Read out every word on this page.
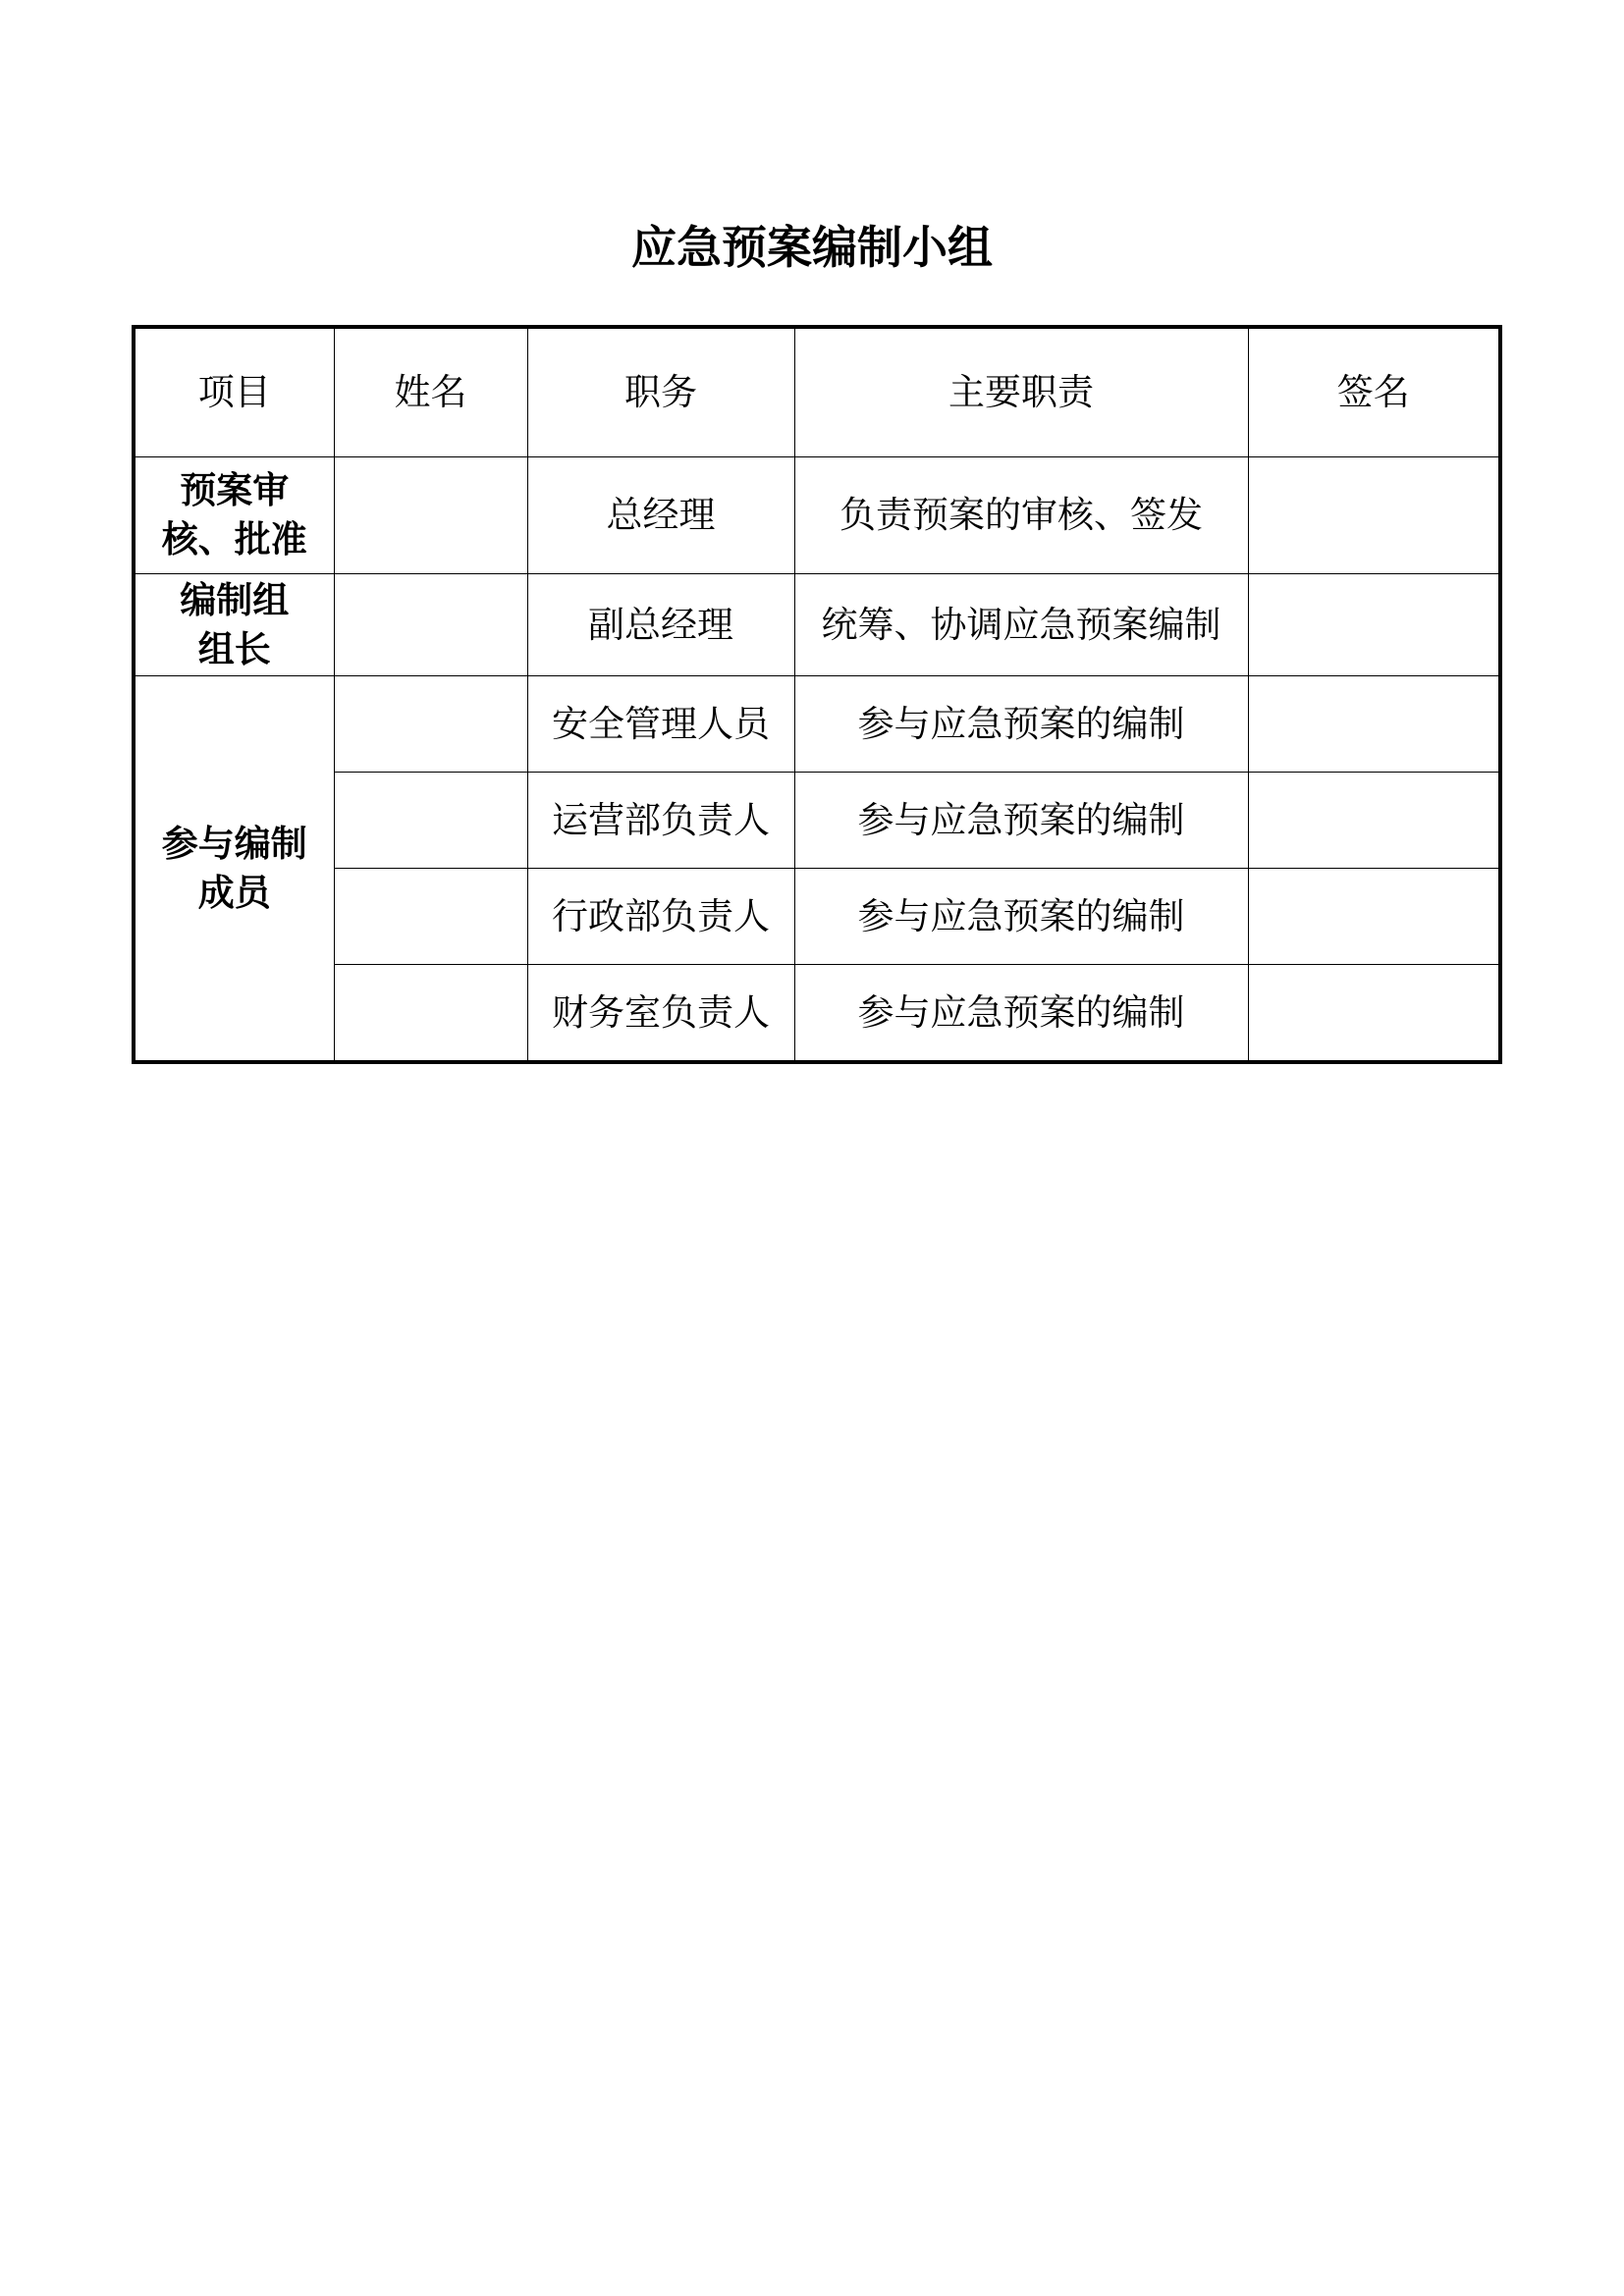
应急预案编制小组
项目	姓名	职务	主要职责	签名

预案审
核、批准		总经理	负责预案的审核、签发	

编制组
组长		副总经理	统筹、协调应急预案编制	

参与编制
成员		安全管理人员	参与应急预案的编制	
		运营部负责人	参与应急预案的编制	
		行政部负责人	参与应急预案的编制	
		财务室负责人	参与应急预案的编制	
